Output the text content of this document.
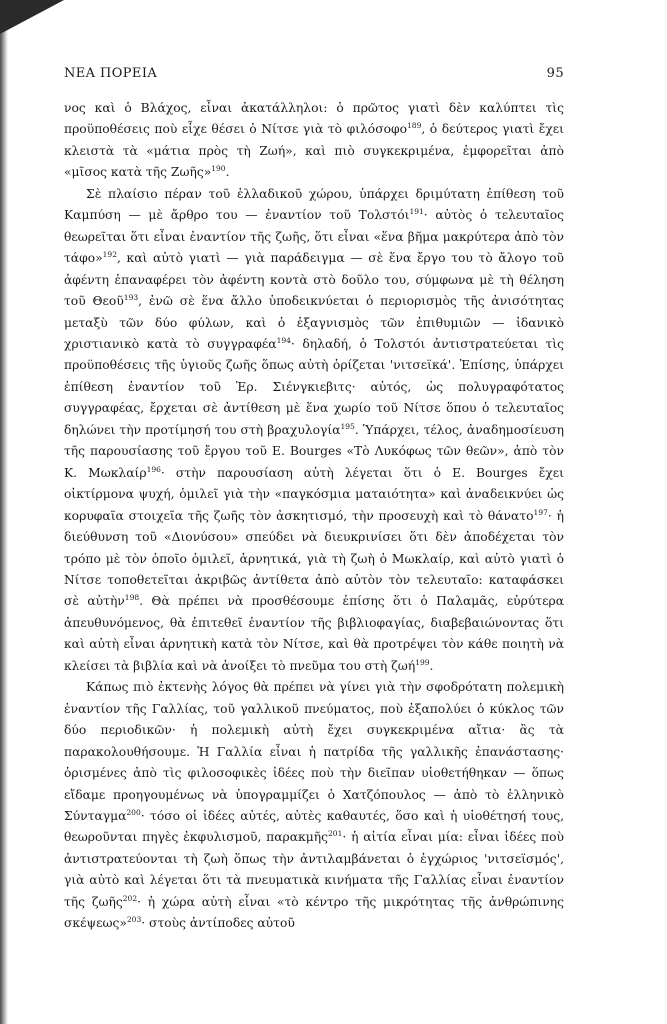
ΝΕΑ ΠΟΡΕΙΑ	95

νος καὶ ὁ Βλάχος, εἶναι ἀκατάλληλοι: ὁ πρῶτος γιατὶ δὲν καλύπτει τὶς προϋποθέσεις ποὺ εἶχε θέσει ὁ Νίτσε γιὰ τὸ φιλόσοφο$^{189}$, ὁ δεύτερος γιατὶ ἔχει κλειστὰ τὰ «μάτια πρὸς τὴ Ζωή», καὶ πιὸ συγκεκριμένα, ἐμφορεῖται ἀπὸ «μῖσος κατὰ τῆς Ζωῆς»$^{190}$.

Σὲ πλαίσιο πέραν τοῦ ἑλλαδικοῦ χώρου, ὑπάρχει δριμύτατη ἐπίθεση τοῦ Καμπύση — μὲ ἄρθρο του — ἐναντίον τοῦ Τολστόι$^{191}$· αὐτὸς ὁ τελευταῖος θεωρεῖται ὅτι εἶναι ἐναντίον τῆς ζωῆς, ὅτι εἶναι «ἕνα βῆμα μακρύτερα ἀπὸ τὸν τάφο»$^{192}$, καὶ αὐτὸ γιατὶ — γιὰ παράδειγμα — σὲ ἕνα ἔργο του τὸ ἄλογο τοῦ ἀφέντη ἐπαναφέρει τὸν ἀφέντη κοντὰ στὸ δοῦλο του, σύμφωνα μὲ τὴ θέληση τοῦ Θεοῦ$^{193}$, ἐνῶ σὲ ἕνα ἄλλο ὑποδεικνύεται ὁ περιορισμὸς τῆς ἀνισότητας μεταξὺ τῶν δύο φύλων, καὶ ὁ ἐξαγνισμὸς τῶν ἐπιθυμιῶν — ἰδανικὸ χριστιανικὸ κατὰ τὸ συγγραφέα$^{194}$· δηλαδή, ὁ Τολστόι ἀντιστρατεύεται τὶς προϋποθέσεις τῆς ὑγιοῦς ζωῆς ὅπως αὐτὴ ὁρίζεται 'νιτσεϊκά'. Ἐπίσης, ὑπάρχει ἐπίθεση ἐναντίον τοῦ Ἐρ. Σιένγκιεβιτς· αὐτός, ὡς πολυγραφότατος συγγραφέας, ἔρχεται σὲ ἀντίθεση μὲ ἕνα χωρίο τοῦ Νίτσε ὅπου ὁ τελευταῖος δηλώνει τὴν προτίμησή του στὴ βραχυλογία$^{195}$. Ὑπάρχει, τέλος, ἀναδημοσίευση τῆς παρουσίασης τοῦ ἔργου τοῦ E. Bourges «Τὸ Λυκόφως τῶν θεῶν», ἀπὸ τὸν Κ. Μωκλαίρ$^{196}$· στὴν παρουσίαση αὐτὴ λέγεται ὅτι ὁ E. Bourges ἔχει οἰκτίρμονα ψυχή, ὁμιλεῖ γιὰ τὴν «παγκόσμια ματαιότητα» καὶ ἀναδεικνύει ὡς κορυφαῖα στοιχεῖα τῆς ζωῆς τὸν ἀσκητισμό, τὴν προσευχὴ καὶ τὸ θάνατο$^{197}$· ἡ διεύθυνση τοῦ «Διονύσου» σπεύδει νὰ διευκρινίσει ὅτι δὲν ἀποδέχεται τὸν τρόπο μὲ τὸν ὁποῖο ὁμιλεῖ, ἀρνητικά, γιὰ τὴ ζωὴ ὁ Μωκλαίρ, καὶ αὐτὸ γιατὶ ὁ Νίτσε τοποθετεῖται ἀκριβῶς ἀντίθετα ἀπὸ αὐτὸν τὸν τελευταῖο: καταφάσκει σὲ αὐτὴν$^{198}$. Θὰ πρέπει νὰ προσθέσουμε ἐπίσης ὅτι ὁ Παλαμᾶς, εὐρύτερα ἀπευθυνόμενος, θὰ ἐπιτεθεῖ ἐναντίον τῆς βιβλιοφαγίας, διαβεβαιώνοντας ὅτι καὶ αὐτὴ εἶναι ἀρνητικὴ κατὰ τὸν Νίτσε, καὶ θὰ προτρέψει τὸν κάθε ποιητὴ νὰ κλείσει τὰ βιβλία καὶ νὰ ἀνοίξει τὸ πνεῦμα του στὴ ζωή$^{199}$.

Κάπως πιὸ ἐκτενὴς λόγος θὰ πρέπει νὰ γίνει γιὰ τὴν σφοδρότατη πολεμικὴ ἐναντίον τῆς Γαλλίας, τοῦ γαλλικοῦ πνεύματος, ποὺ ἐξαπολύει ὁ κύκλος τῶν δύο περιοδικῶν· ἡ πολεμικὴ αὐτὴ ἔχει συγκεκριμένα αἴτια· ἂς τὰ παρακολουθήσουμε. Ἡ Γαλλία εἶναι ἡ πατρίδα τῆς γαλλικῆς ἐπανάστασης· ὁρισμένες ἀπὸ τὶς φιλοσοφικὲς ἰδέες ποὺ τὴν διεῖπαν υἱοθετήθηκαν — ὅπως εἴδαμε προηγουμένως νὰ ὑπογραμμίζει ὁ Χατζόπουλος — ἀπὸ τὸ ἑλληνικὸ Σύνταγμα$^{200}$· τόσο οἱ ἰδέες αὐτές, αὐτὲς καθαυτές, ὅσο καὶ ἡ υἱοθέτησή τους, θεωροῦνται πηγὲς ἐκφυλισμοῦ, παρακμῆς$^{201}$· ἡ αἰτία εἶναι μία: εἶναι ἰδέες ποὺ ἀντιστρατεύονται τὴ ζωὴ ὅπως τὴν ἀντιλαμβάνεται ὁ ἐγχώριος 'νιτσεϊσμός', γιὰ αὐτὸ καὶ λέγεται ὅτι τὰ πνευματικὰ κινήματα τῆς Γαλλίας εἶναι ἐναντίον τῆς ζωῆς$^{202}$· ἡ χώρα αὐτὴ εἶναι «τὸ κέντρο τῆς μικρότητας τῆς ἀνθρώπινης σκέψεως»$^{203}$· στοὺς ἀντίποδες αὐτοῦ
